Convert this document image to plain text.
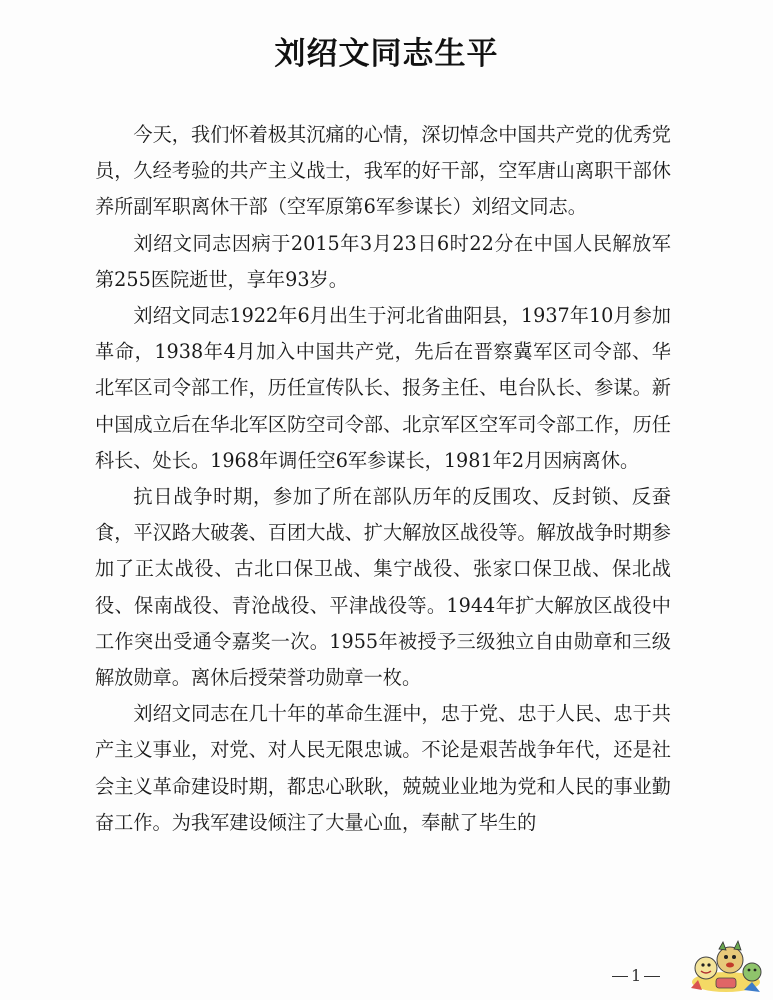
刘绍文同志生平

今天，我们怀着极其沉痛的心情，深切悼念中国共产党的优秀党员，久经考验的共产主义战士，我军的好干部，空军唐山离职干部休养所副军职离休干部（空军原第6军参谋长）刘绍文同志。

刘绍文同志因病于2015年3月23日6时22分在中国人民解放军第255医院逝世，享年93岁。

刘绍文同志1922年6月出生于河北省曲阳县，1937年10月参加革命，1938年4月加入中国共产党，先后在晋察冀军区司令部、华北军区司令部工作，历任宣传队长、报务主任、电台队长、参谋。新中国成立后在华北军区防空司令部、北京军区空军司令部工作，历任科长、处长。1968年调任空6军参谋长，1981年2月因病离休。

抗日战争时期，参加了所在部队历年的反围攻、反封锁、反蚕食，平汉路大破袭、百团大战、扩大解放区战役等。解放战争时期参加了正太战役、古北口保卫战、集宁战役、张家口保卫战、保北战役、保南战役、青沧战役、平津战役等。1944年扩大解放区战役中工作突出受通令嘉奖一次。1955年被授予三级独立自由勋章和三级解放勋章。离休后授荣誉功勋章一枚。

刘绍文同志在几十年的革命生涯中，忠于党、忠于人民、忠于共产主义事业，对党、对人民无限忠诚。不论是艰苦战争年代，还是社会主义革命建设时期，都忠心耿耿，兢兢业业地为党和人民的事业勤奋工作。为我军建设倾注了大量心血，奉献了毕生的

1
